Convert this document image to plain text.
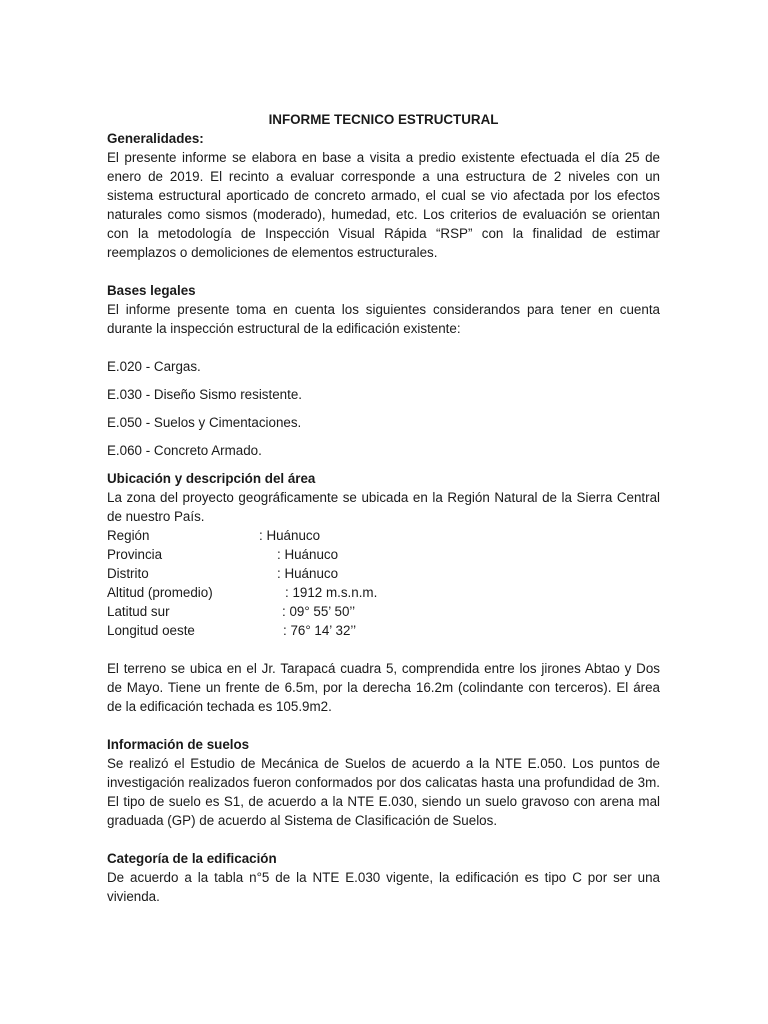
INFORME TECNICO ESTRUCTURAL

Generalidades:

El presente informe se elabora en base a visita a predio existente efectuada el día 25 de enero de 2019. El recinto a evaluar corresponde a una estructura de 2 niveles con un sistema estructural aporticado de concreto armado, el cual se vio afectada por los efectos naturales como sismos (moderado), humedad, etc. Los criterios de evaluación se orientan con la metodología de Inspección Visual Rápida “RSP” con la finalidad de estimar reemplazos o demoliciones de elementos estructurales.

Bases legales

El informe presente toma en cuenta los siguientes considerandos para tener en cuenta durante la inspección estructural de la edificación existente:

E.020 - Cargas.

E.030 - Diseño Sismo resistente.

E.050 - Suelos y Cimentaciones.

E.060 - Concreto Armado.

Ubicación y descripción del área

La zona del proyecto geográficamente se ubicada en la Región Natural de la Sierra Central de nuestro País.

Región	: Huánuco
Provincia	: Huánuco
Distrito	: Huánuco
Altitud (promedio)	: 1912 m.s.n.m.
Latitud sur	: 09° 55’ 50’’
Longitud oeste	: 76° 14’ 32’’

El terreno se ubica en el Jr. Tarapacá cuadra 5, comprendida entre los jirones Abtao y Dos de Mayo. Tiene un frente de 6.5m, por la derecha 16.2m (colindante con terceros). El área de la edificación techada es 105.9m2.

Información de suelos

Se realizó el Estudio de Mecánica de Suelos de acuerdo a la NTE E.050. Los puntos de investigación realizados fueron conformados por dos calicatas hasta una profundidad de 3m. El tipo de suelo es S1, de acuerdo a la NTE E.030, siendo un suelo gravoso con arena mal graduada (GP) de acuerdo al Sistema de Clasificación de Suelos.

Categoría de la edificación

De acuerdo a la tabla n°5 de la NTE E.030 vigente, la edificación es tipo C por ser una vivienda.
